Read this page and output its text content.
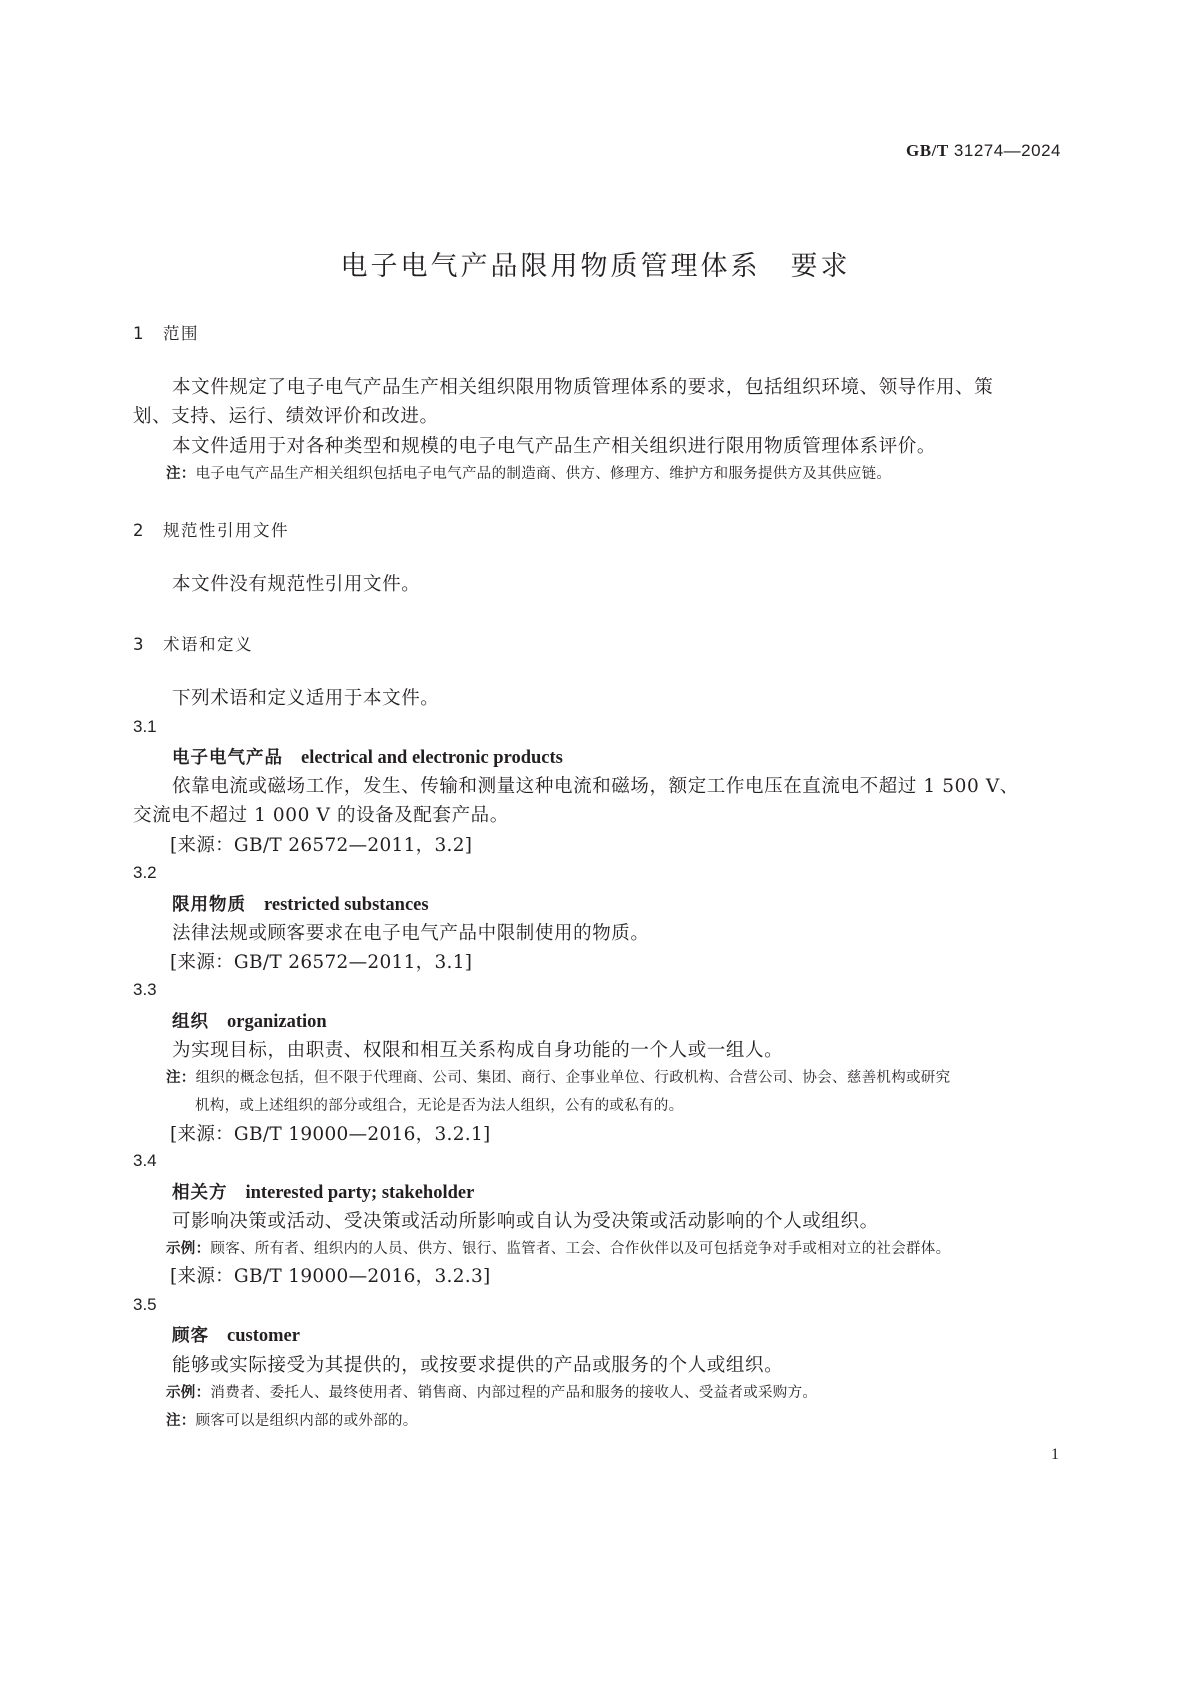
GB/T 31274—2024
电子电气产品限用物质管理体系　要求
1 范围
本文件规定了电子电气产品生产相关组织限用物质管理体系的要求，包括组织环境、领导作用、策
划、支持、运行、绩效评价和改进。
本文件适用于对各种类型和规模的电子电气产品生产相关组织进行限用物质管理体系评价。
注：电子电气产品生产相关组织包括电子电气产品的制造商、供方、修理方、维护方和服务提供方及其供应链。
2 规范性引用文件
本文件没有规范性引用文件。
3 术语和定义
下列术语和定义适用于本文件。
3.1
电子电气产品 electrical and electronic products
依靠电流或磁场工作，发生、传输和测量这种电流和磁场，额定工作电压在直流电不超过 1 500 V、
交流电不超过 1 000 V 的设备及配套产品。
[来源：GB/T 26572—2011，3.2]
3.2
限用物质 restricted substances
法律法规或顾客要求在电子电气产品中限制使用的物质。
[来源：GB/T 26572—2011，3.1]
3.3
组织 organization
为实现目标，由职责、权限和相互关系构成自身功能的一个人或一组人。
注：组织的概念包括，但不限于代理商、公司、集团、商行、企事业单位、行政机构、合营公司、协会、慈善机构或研究
机构，或上述组织的部分或组合，无论是否为法人组织，公有的或私有的。
[来源：GB/T 19000—2016，3.2.1]
3.4
相关方 interested party; stakeholder
可影响决策或活动、受决策或活动所影响或自认为受决策或活动影响的个人或组织。
示例：顾客、所有者、组织内的人员、供方、银行、监管者、工会、合作伙伴以及可包括竞争对手或相对立的社会群体。
[来源：GB/T 19000—2016，3.2.3]
3.5
顾客 customer
能够或实际接受为其提供的，或按要求提供的产品或服务的个人或组织。
示例：消费者、委托人、最终使用者、销售商、内部过程的产品和服务的接收人、受益者或采购方。
注：顾客可以是组织内部的或外部的。
1
